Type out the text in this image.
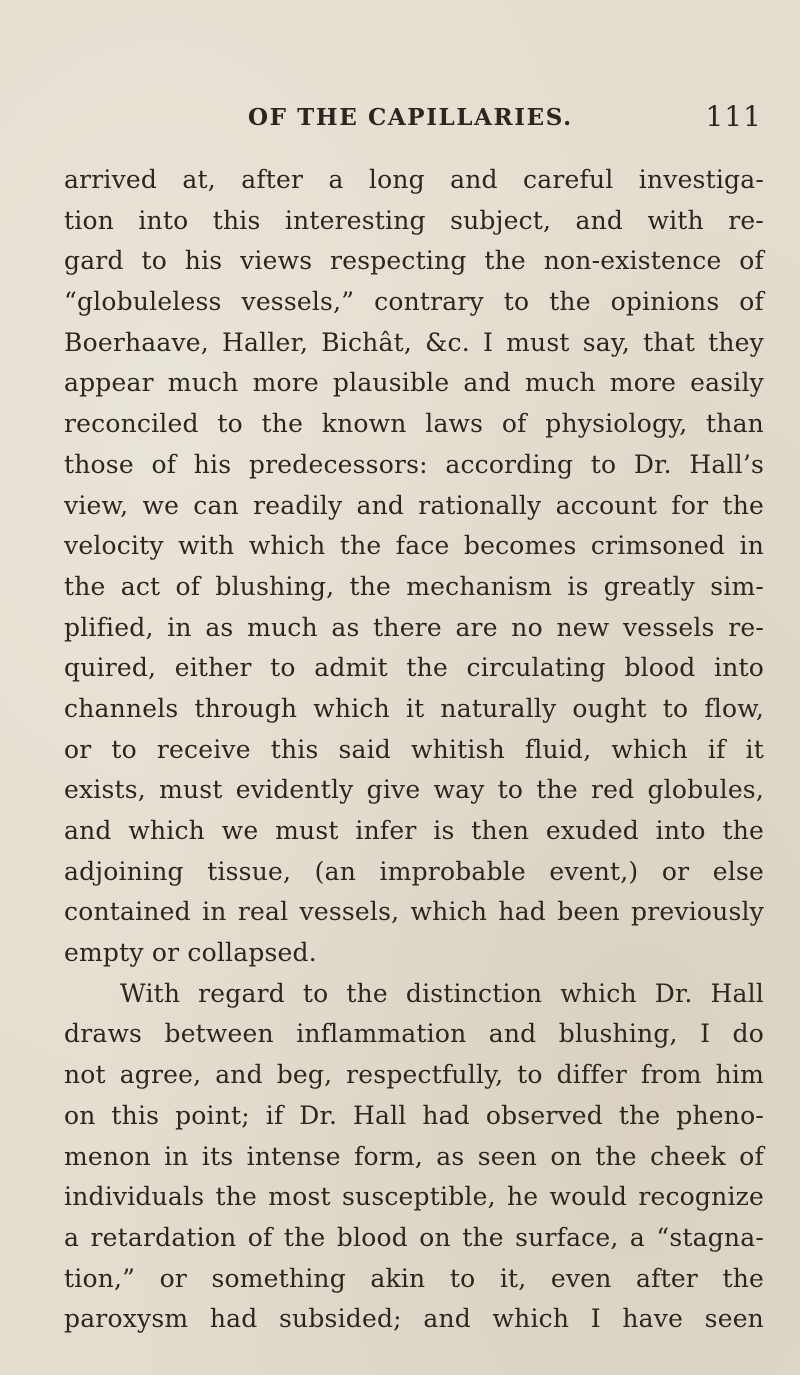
OF THE CAPILLARIES.	111
arrived at, after a long and careful investiga-
tion into this interesting subject, and with re-
gard to his views respecting the non-existence of
“globuleless vessels,” contrary to the opinions of
Boerhaave, Haller, Bichât, &c. I must say, that they
appear much more plausible and much more easily
reconciled to the known laws of physiology, than
those of his predecessors: according to Dr. Hall’s
view, we can readily and rationally account for the
velocity with which the face becomes crimsoned in
the act of blushing, the mechanism is greatly sim-
plified, in as much as there are no new vessels re-
quired, either to admit the circulating blood into
channels through which it naturally ought to flow,
or to receive this said whitish fluid, which if it
exists, must evidently give way to the red globules,
and which we must infer is then exuded into the
adjoining tissue, (an improbable event,) or else
contained in real vessels, which had been previously
empty or collapsed.
With regard to the distinction which Dr. Hall
draws between inflammation and blushing, I do
not agree, and beg, respectfully, to differ from him
on this point; if Dr. Hall had observed the pheno-
menon in its intense form, as seen on the cheek of
individuals the most susceptible, he would recognize
a retardation of the blood on the surface, a “stagna-
tion,” or something akin to it, even after the
paroxysm had subsided; and which I have seen
